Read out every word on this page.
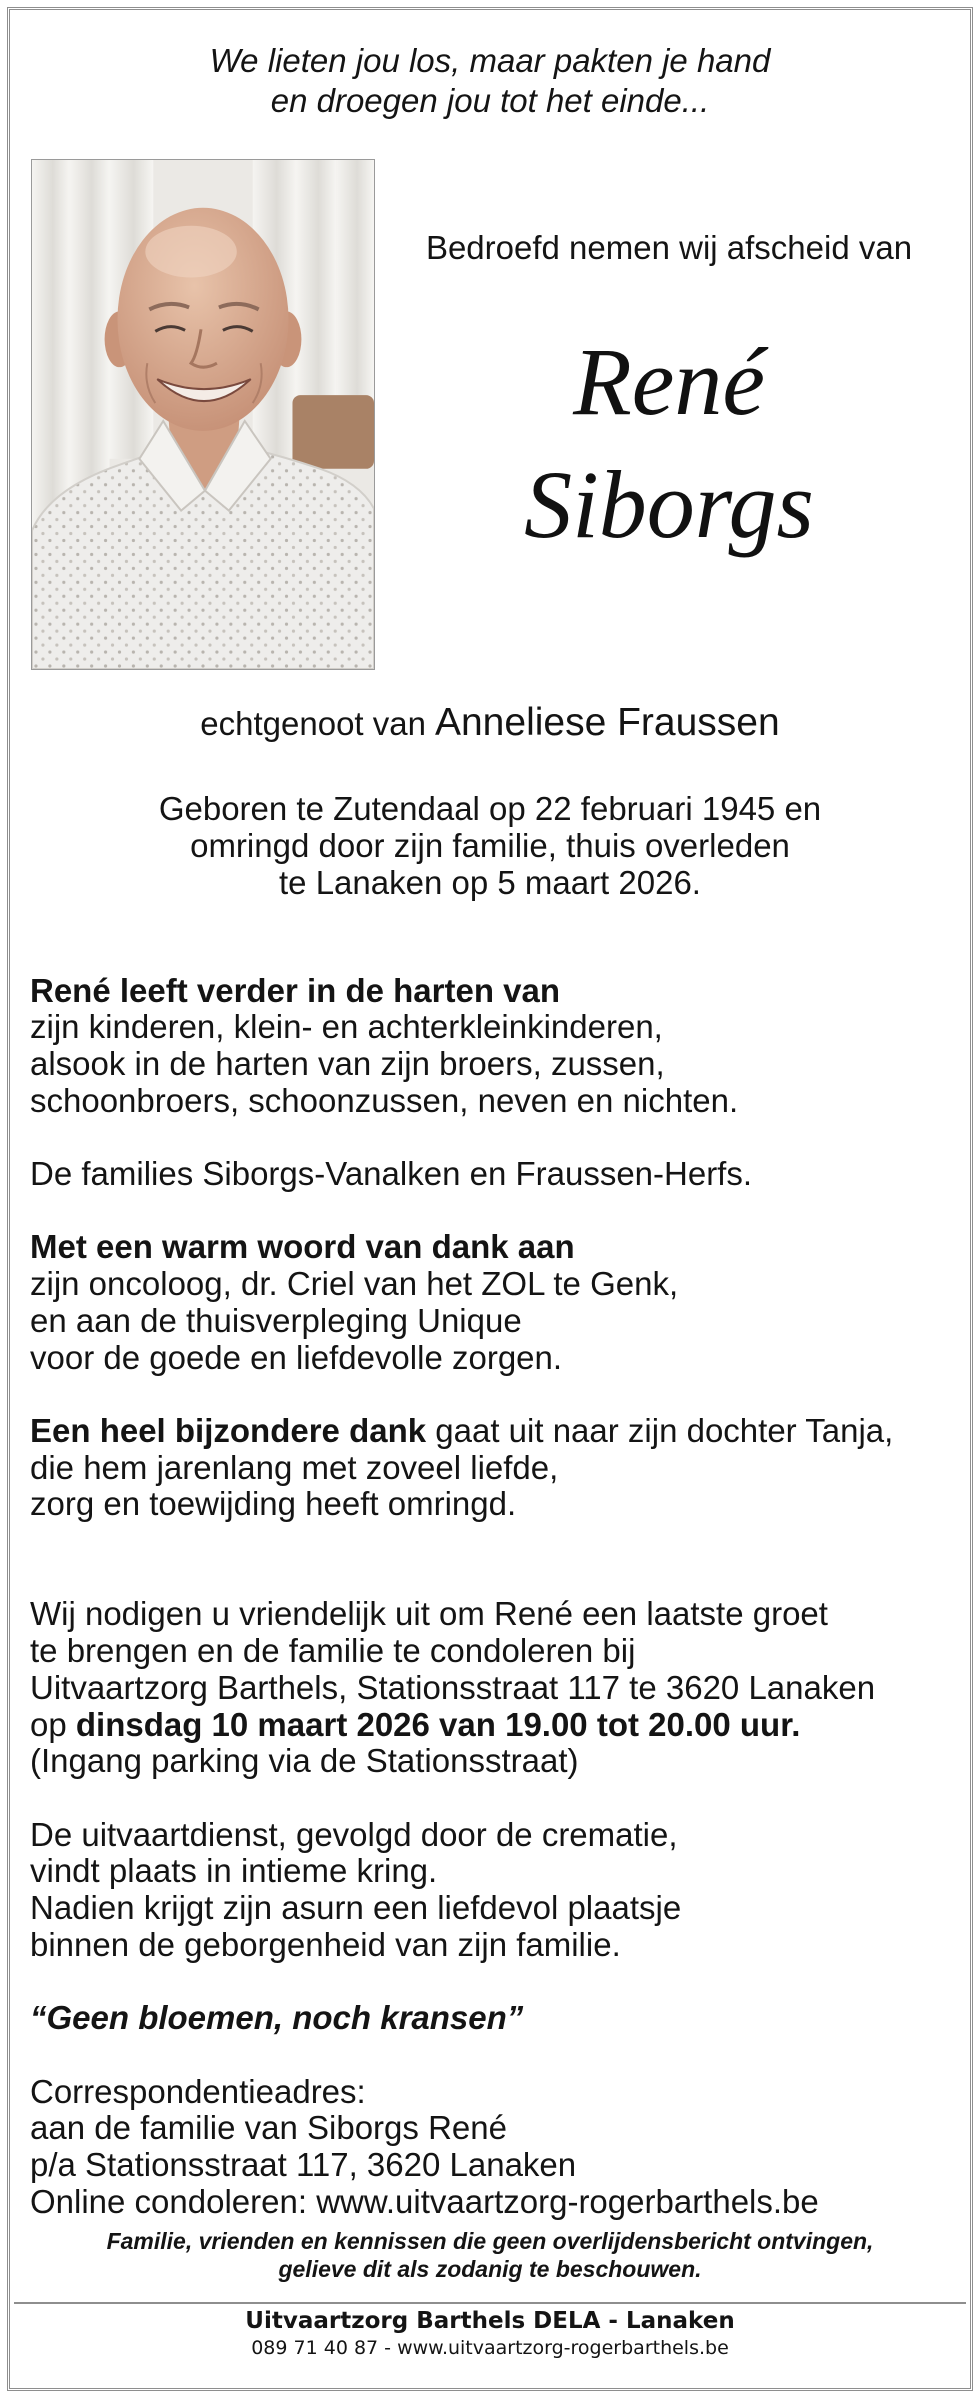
We lieten jou los, maar pakten je hand
en droegen jou tot het einde...
Bedroefd nemen wij afscheid van
René
Siborgs
echtgenoot van Anneliese Fraussen
Geboren te Zutendaal op 22 februari 1945 en
omringd door zijn familie, thuis overleden
te Lanaken op 5 maart 2026.
René leeft verder in de harten van
zijn kinderen, klein- en achterkleinkinderen,
alsook in de harten van zijn broers, zussen,
schoonbroers, schoonzussen, neven en nichten.
De families Siborgs-Vanalken en Fraussen-Herfs.
Met een warm woord van dank aan
zijn oncoloog, dr. Criel van het ZOL te Genk,
en aan de thuisverpleging Unique
voor de goede en liefdevolle zorgen.
Een heel bijzondere dank gaat uit naar zijn dochter Tanja,
die hem jarenlang met zoveel liefde,
zorg en toewijding heeft omringd.
Wij nodigen u vriendelijk uit om René een laatste groet
te brengen en de familie te condoleren bij
Uitvaartzorg Barthels, Stationsstraat 117 te 3620 Lanaken
op dinsdag 10 maart 2026 van 19.00 tot 20.00 uur.
(Ingang parking via de Stationsstraat)
De uitvaartdienst, gevolgd door de crematie,
vindt plaats in intieme kring.
Nadien krijgt zijn asurn een liefdevol plaatsje
binnen de geborgenheid van zijn familie.
“Geen bloemen, noch kransen”
Correspondentieadres:
aan de familie van Siborgs René
p/a Stationsstraat 117, 3620 Lanaken
Online condoleren: www.uitvaartzorg-rogerbarthels.be
Familie, vrienden en kennissen die geen overlijdensbericht ontvingen,
gelieve dit als zodanig te beschouwen.
Uitvaartzorg Barthels DELA - Lanaken
089 71 40 87 - www.uitvaartzorg-rogerbarthels.be
